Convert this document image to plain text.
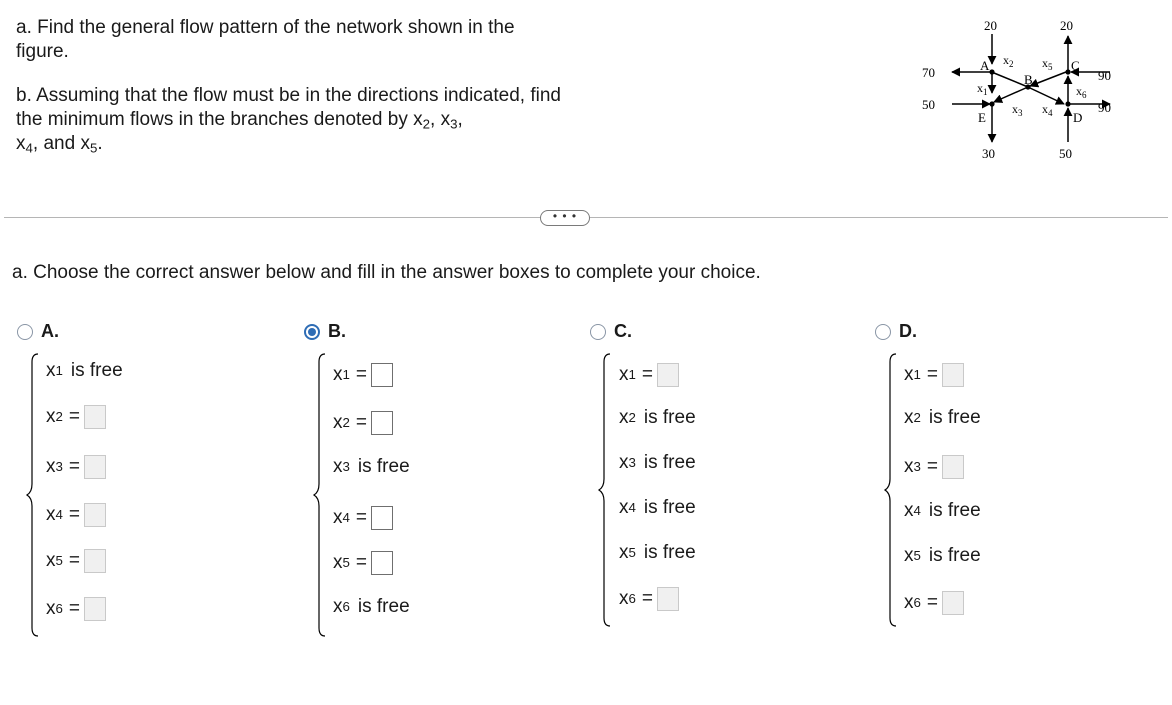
a. Find the general flow pattern of the network shown in the figure.
b. Assuming that the flow must be in the directions indicated, find the minimum flows in the branches denoted by $x_2$, $x_3$,
$x_4$, and $x_5$.
20	20
70
50
90
90
30	50
A
B
C
D
E
$x_1$
$x_2$
$x_3$ $x_4$
$x_5$
$x_6$
• • •
a. Choose the correct answer below and fill in the answer boxes to complete your choice.
A.	B.	C.	D.
x 1 is free
x 2 =
x 3 =
x 4 =
x 5 =
x 6 =
x 1 =
x 2 =
x 3 is free
x 4 =
x 5 =
x 6 is free
x 1 =
x 2 is free
x 3 is free
x 4 is free
x 5 is free
x 6 =
x 1 =
x 2 is free
x 3 =
x 4 is free
x 5 is free
x 6 =
